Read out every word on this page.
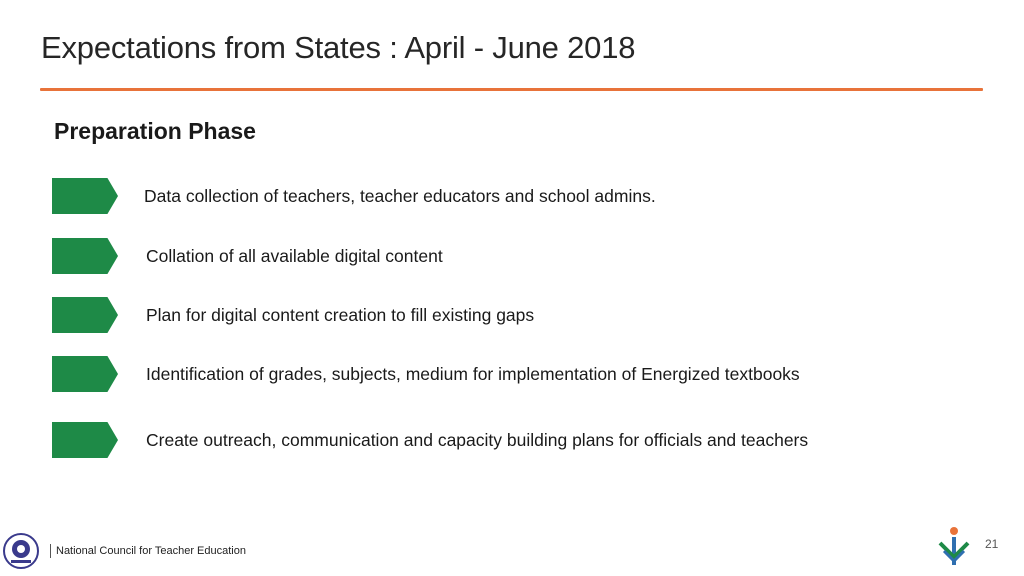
Expectations from States : April - June 2018
Preparation Phase
Data collection of teachers, teacher educators and school admins.
Collation of all available digital content
Plan for digital content creation to fill existing gaps
Identification of grades, subjects, medium for implementation of Energized textbooks
Create outreach, communication and capacity building plans for officials and teachers
National Council for Teacher Education	21
